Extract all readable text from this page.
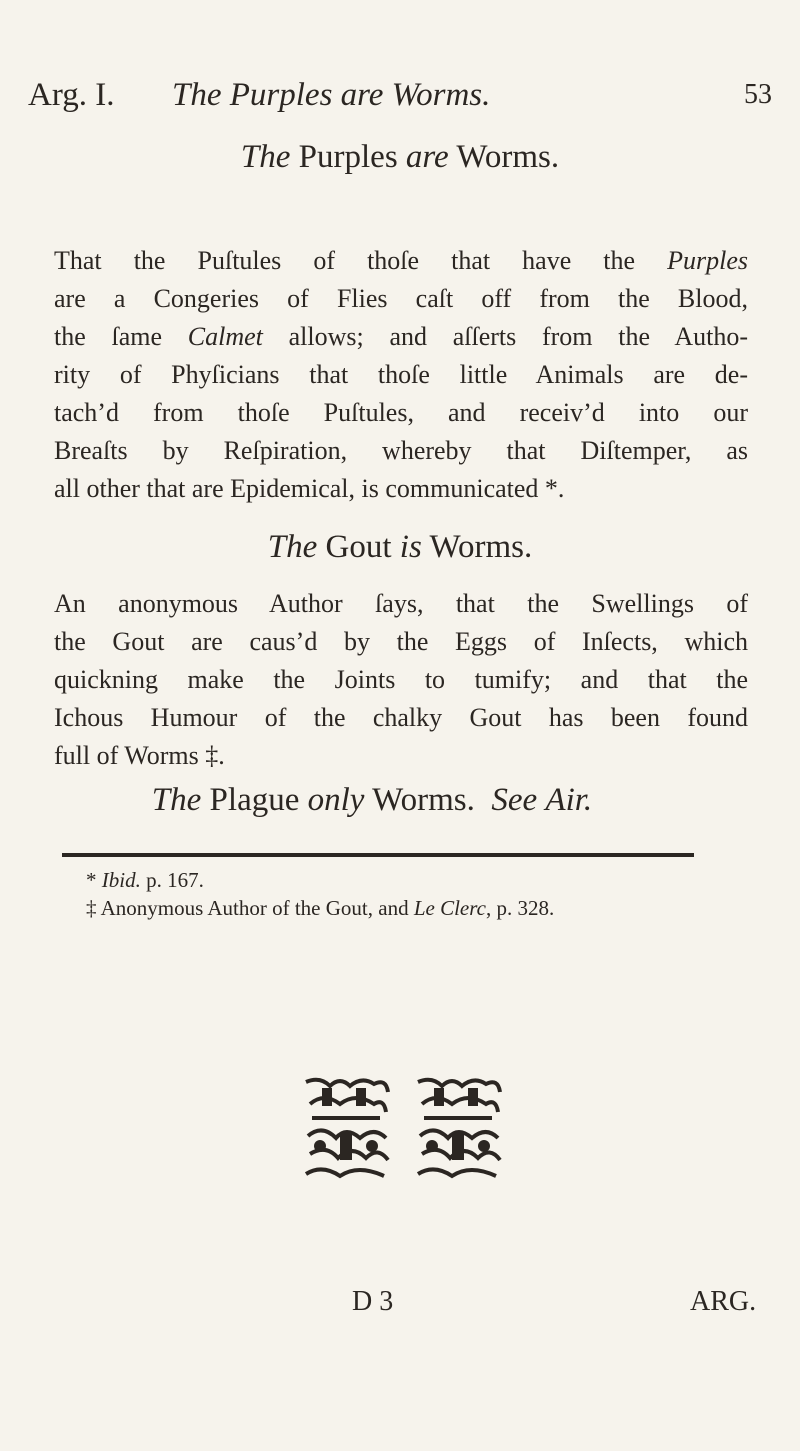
Arg. I. The Purples are Worms.	53
The Purples are Worms.
That the Puſtules of thoſe that have the Purples
are a Congeries of Flies caſt off from the Blood,
the ſame Calmet allows; and aſſerts from the Autho-
rity of Phyſicians that thoſe little Animals are de-
tach’d from thoſe Puſtules, and receiv’d into our
Breaſts by Reſpiration, whereby that Diſtemper, as
all other that are Epidemical, is communicated *.
The Gout is Worms.
An anonymous Author ſays, that the Swellings of
the Gout are caus’d by the Eggs of Inſects, which
quickning make the Joints to tumify; and that the
Ichous Humour of the chalky Gout has been found
full of Worms ‡.
The Plague only Worms. See Air.
* Ibid. p. 167.
‡ Anonymous Author of the Gout, and Le Clerc, p. 328.
D 3	ARG.
